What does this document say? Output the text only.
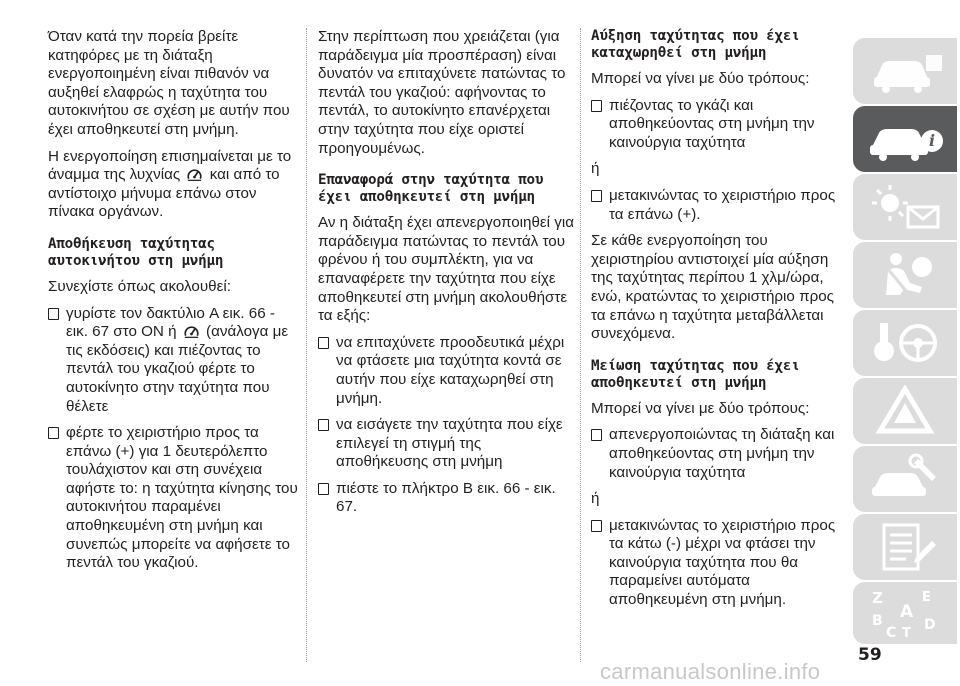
Όταν κατά την πορεία βρείτε κατηφόρες με τη διάταξη ενεργοποιημένη είναι πιθανόν να αυξηθεί ελαφρώς η ταχύτητα του αυτοκινήτου σε σχέση με αυτήν που έχει αποθηκευτεί στη μνήμη.

Η ενεργοποίηση επισημαίνεται με το άναμμα της λυχνίας και από το αντίστοιχο μήνυμα επάνω στον πίνακα οργάνων.

Αποθήκευση ταχύτητας αυτοκινήτου στη μνήμη

Συνεχίστε όπως ακολουθεί:

γυρίστε τον δακτύλιο A εικ. 66 - εικ. 67 στο ON ή (ανάλογα με τις εκδόσεις) και πιέζοντας το πεντάλ του γκαζιού φέρτε το αυτοκίνητο στην ταχύτητα που θέλετε
φέρτε το χειριστήριο προς τα επάνω (+) για 1 δευτερόλεπτο τουλάχιστον και στη συνέχεια αφήστε το: η ταχύτητα κίνησης του αυτοκινήτου παραμένει αποθηκευμένη στη μνήμη και συνεπώς μπορείτε να αφήσετε το πεντάλ του γκαζιού.

Στην περίπτωση που χρειάζεται (για παράδειγμα μία προσπέραση) είναι δυνατόν να επιταχύνετε πατώντας το πεντάλ του γκαζιού: αφήνοντας το πεντάλ, το αυτοκίνητο επανέρχεται στην ταχύτητα που είχε οριστεί προηγουμένως.

Επαναφορά στην ταχύτητα που έχει αποθηκευτεί στη μνήμη

Αν η διάταξη έχει απενεργοποιηθεί για παράδειγμα πατώντας το πεντάλ του φρένου ή του συμπλέκτη, για να επαναφέρετε την ταχύτητα που είχε αποθηκευτεί στη μνήμη ακολουθήστε τα εξής:

να επιταχύνετε προοδευτικά μέχρι να φτάσετε μια ταχύτητα κοντά σε αυτήν που είχε καταχωρηθεί στη μνήμη.
να εισάγετε την ταχύτητα που είχε επιλεγεί τη στιγμή της αποθήκευσης στη μνήμη
πιέστε το πλήκτρο B εικ. 66 - εικ. 67.
Αύξηση ταχύτητας που έχει καταχωρηθεί στη μνήμη

Μπορεί να γίνει με δύο τρόπους:

πιέζοντας το γκάζι και αποθηκεύοντας στη μνήμη την καινούργια ταχύτητα

ή

μετακινώντας το χειριστήριο προς τα επάνω (+).

Σε κάθε ενεργοποίηση του χειριστηρίου αντιστοιχεί μία αύξηση της ταχύτητας περίπου 1 χλμ/ώρα, ενώ, κρατώντας το χειριστήριο προς τα επάνω η ταχύτητα μεταβάλλεται συνεχόμενα.

Μείωση ταχύτητας που έχει αποθηκευτεί στη μνήμη

Μπορεί να γίνει με δύο τρόπους:

απενεργοποιώντας τη διάταξη και αποθηκεύοντας στη μνήμη την καινούργια ταχύτητα

ή

μετακινώντας το χειριστήριο προς τα κάτω (-) μέχρι να φτάσει την καινούργια ταχύτητα που θα παραμείνει αυτόματα αποθηκευμένη στη μνήμη.
i
Z	E
A
B
C T
D
59
carmanualsonline.info
